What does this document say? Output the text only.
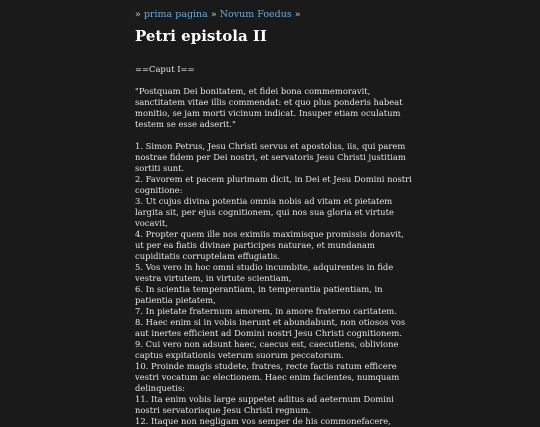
» prima pagina » Novum Foedus »
Petri epistola II

==Caput I==

"Postquam Dei bonitatem, et fidei bona commemoravit, sanctitatem vitae illis commendat: et quo plus ponderis habeat monitio, se jam morti vicinum indicat. Insuper etiam oculatum testem se esse adserit."

1. Simon Petrus, Jesu Christi servus et apostolus, iis, qui parem nostrae fidem per Dei nostri, et servatoris Jesu Christi justitiam sortiti sunt.

2. Favorem et pacem plurimam dicit, in Dei et Jesu Domini nostri cognitione:

3. Ut cujus divina potentia omnia nobis ad vitam et pietatem largita sit, per ejus cognitionem, qui nos sua gloria et virtute vocavit,

4. Propter quem ille nos eximiis maximisque promissis donavit, ut per ea fiatis divinae participes naturae, et mundanam cupiditatis corruptelam effugiatis.

5. Vos vero in hoc omni studio incumbite, adquirentes in fide vestra virtutem, in virtute scientiam,

6. In scientia temperantiam, in temperantia patientiam, in patientia pietatem,

7. In pietate fraternum amorem, in amore fraterno caritatem.

8. Haec enim si in vobis inerunt et abundabunt, non otiosos vos aut inertes efficient ad Domini nostri Jesu Christi cognitionem.

9. Cui vero non adsunt haec, caecus est, caecutiens, oblivione captus expitationis veterum suorum peccatorum.

10. Proinde magis studete, fratres, recte factis ratum efficere vestri vocatum ac electionem. Haec enim facientes, numquam delinquetis:

11. Ita enim vobis large suppetet aditus ad aeternum Domini nostri servatorisque Jesu Christi regnum.

12. Itaque non negligam vos semper de his commonefacere,
